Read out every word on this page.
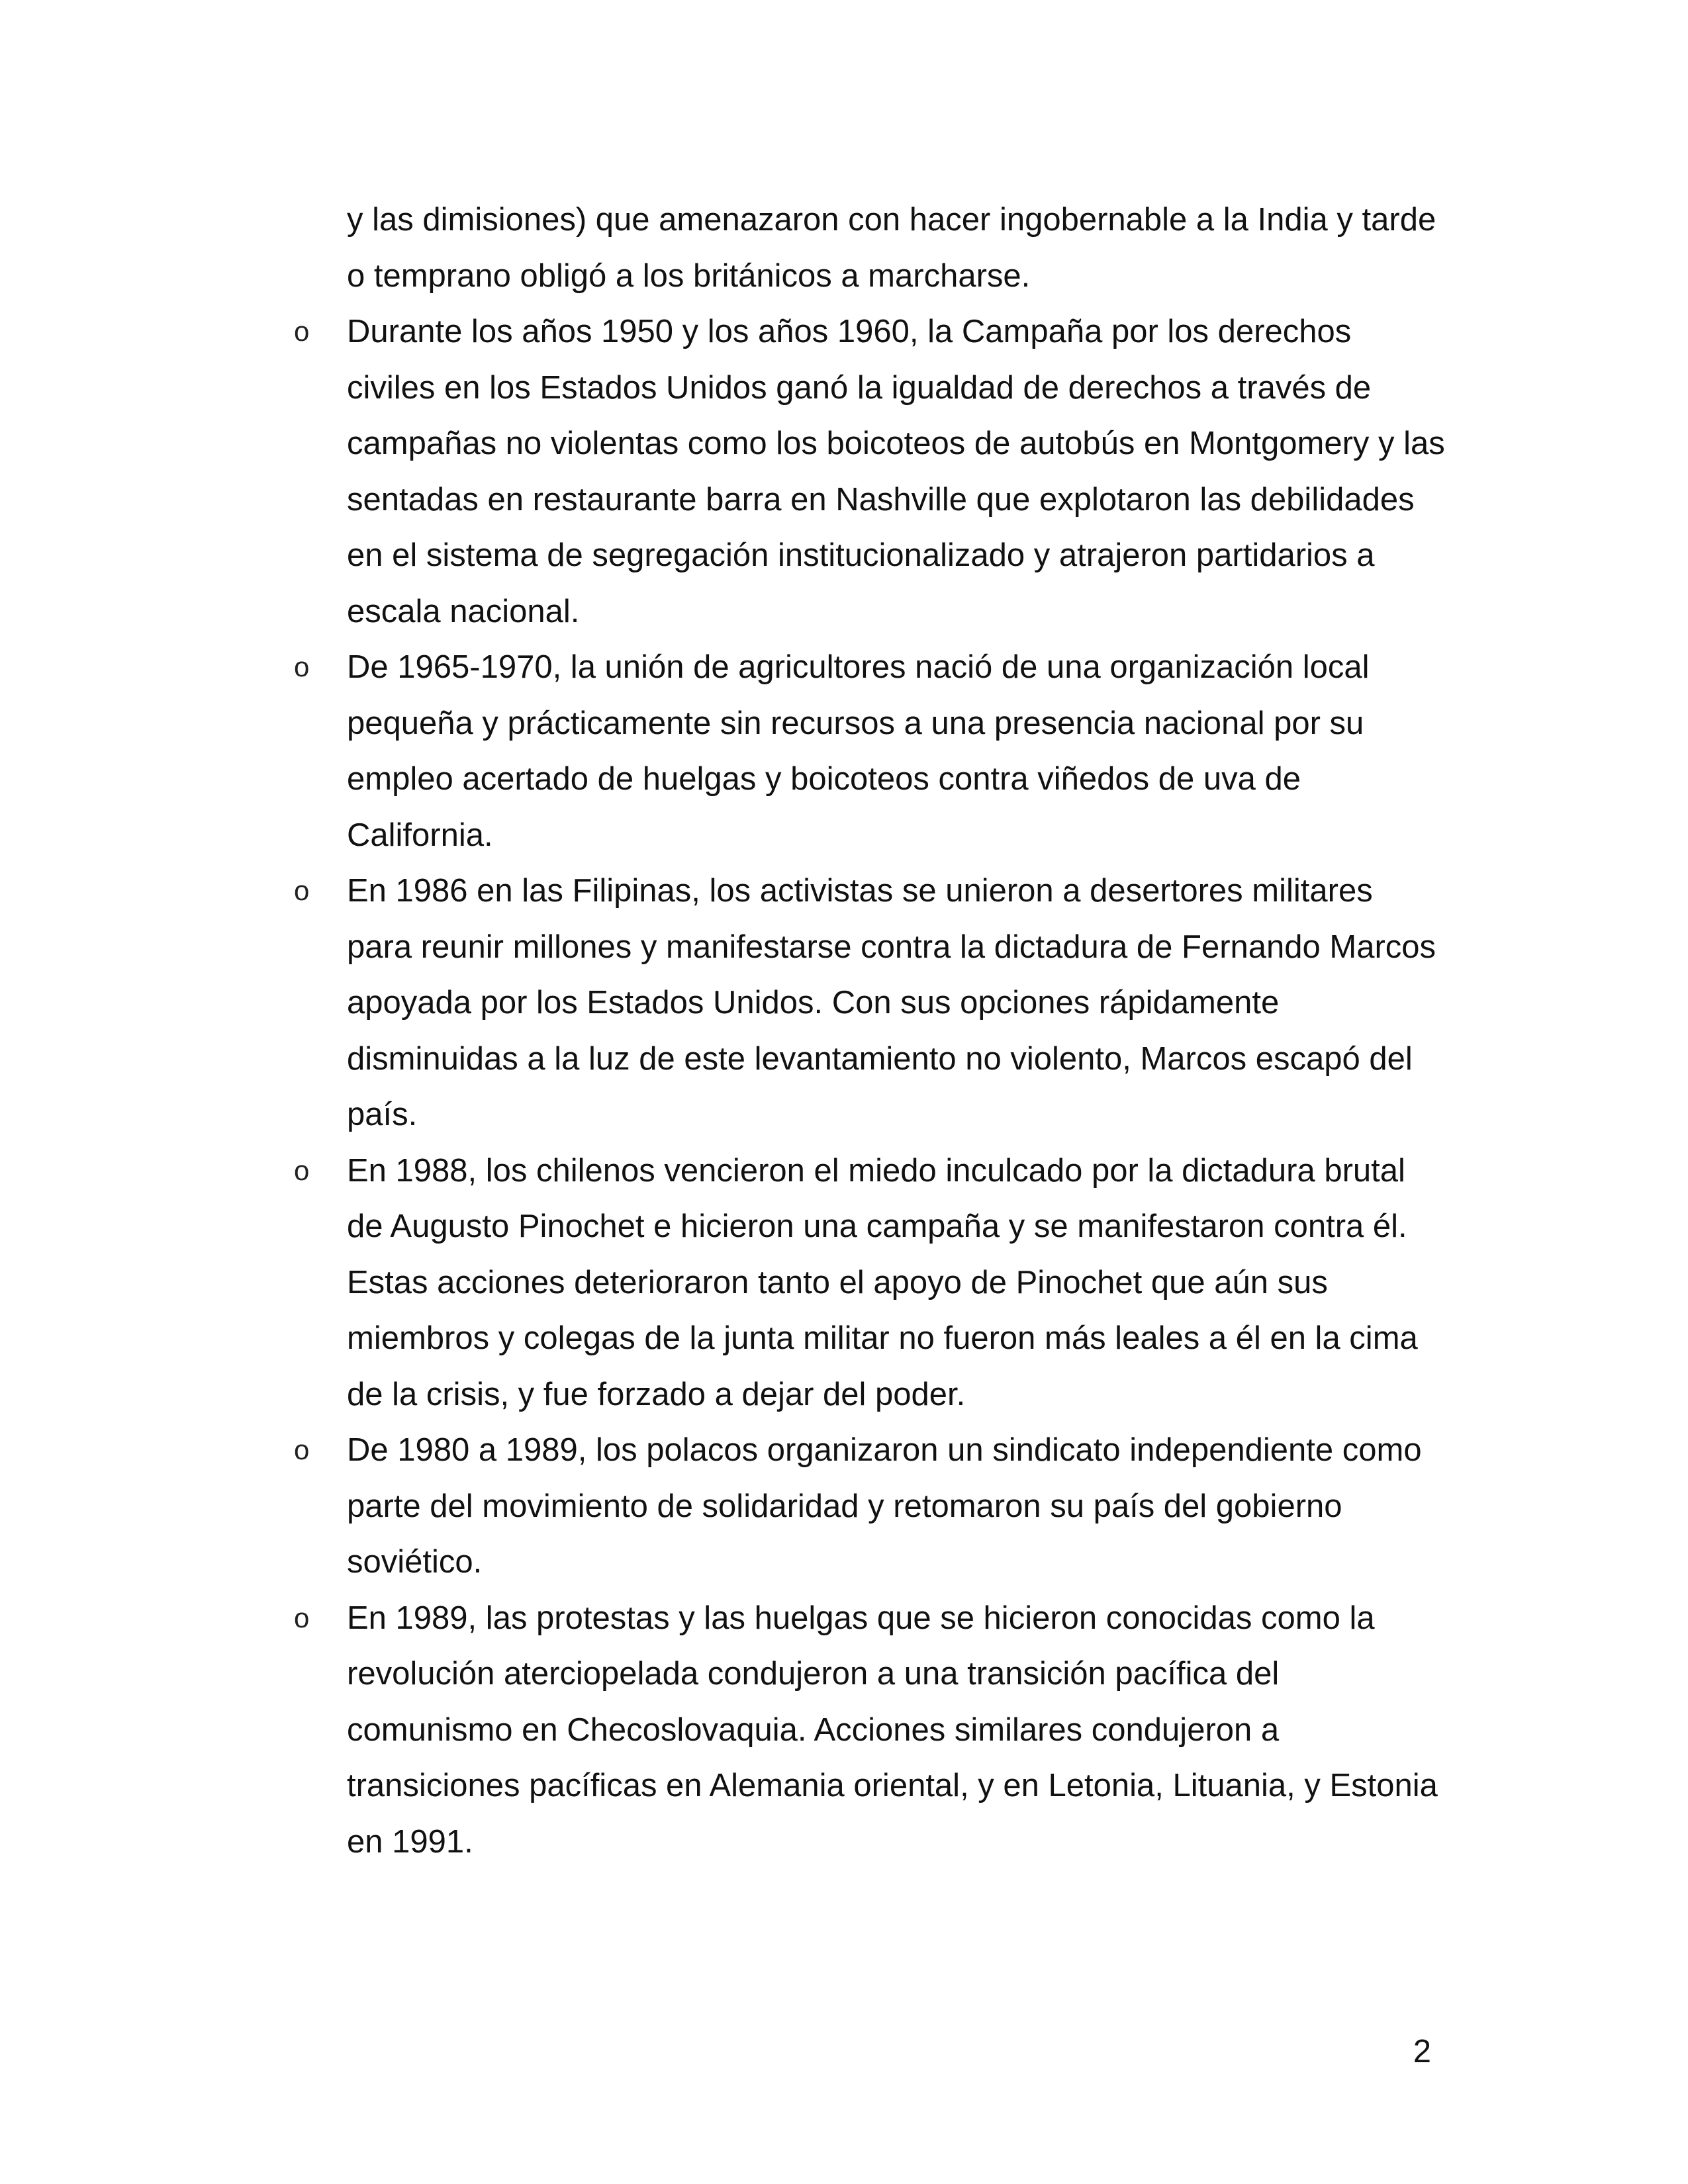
y las dimisiones) que amenazaron con hacer ingobernable a la India y tarde o temprano obligó a los británicos a marcharse.

o Durante los años 1950 y los años 1960, la Campaña por los derechos civiles en los Estados Unidos ganó la igualdad de derechos a través de campañas no violentas como los boicoteos de autobús en Montgomery y las sentadas en restaurante barra en Nashville que explotaron las debilidades en el sistema de segregación institucionalizado y atrajeron partidarios a escala nacional.
o De 1965-1970, la unión de agricultores nació de una organización local pequeña y prácticamente sin recursos a una presencia nacional por su empleo acertado de huelgas y boicoteos contra viñedos de uva de California.
o En 1986 en las Filipinas, los activistas se unieron a desertores militares para reunir millones y manifestarse contra la dictadura de Fernando Marcos apoyada por los Estados Unidos. Con sus opciones rápidamente disminuidas a la luz de este levantamiento no violento, Marcos escapó del país.
o En 1988, los chilenos vencieron el miedo inculcado por la dictadura brutal de Augusto Pinochet e hicieron una campaña y se manifestaron contra él. Estas acciones deterioraron tanto el apoyo de Pinochet que aún sus miembros y colegas de la junta militar no fueron más leales a él en la cima de la crisis, y fue forzado a dejar del poder.
o De 1980 a 1989, los polacos organizaron un sindicato independiente como parte del movimiento de solidaridad y retomaron su país del gobierno soviético.
o En 1989, las protestas y las huelgas que se hicieron conocidas como la revolución aterciopelada condujeron a una transición pacífica del comunismo en Checoslovaquia. Acciones similares condujeron a transiciones pacíficas en Alemania oriental, y en Letonia, Lituania, y Estonia en 1991.
2
